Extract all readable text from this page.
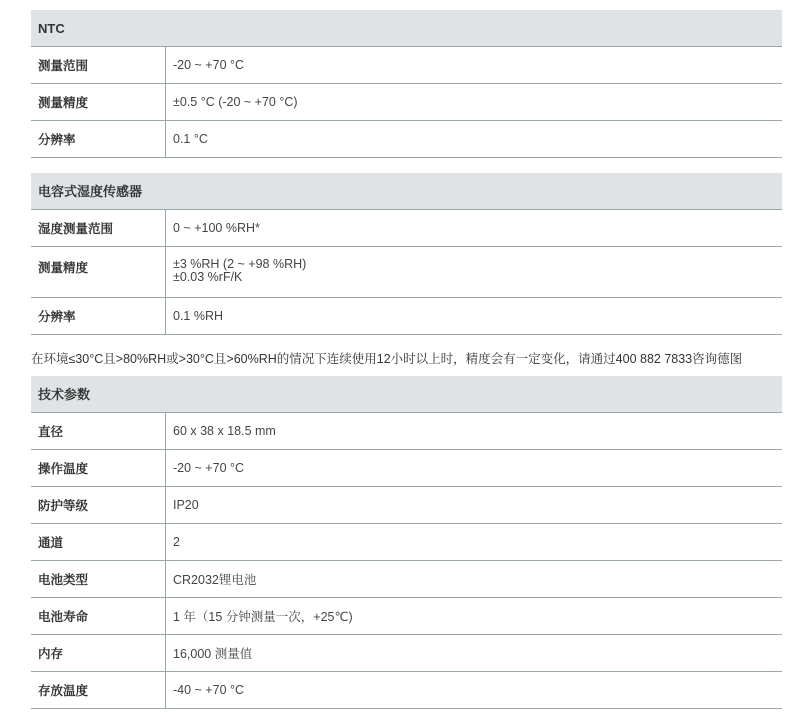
NTC
测量范围	-20 ~ +70 °C
测量精度	±0.5 °C (-20 ~ +70 °C)
分辨率	0.1 °C
电容式湿度传感器
湿度测量范围	0 ~ +100 %RH*
测量精度	±3 %RH (2 ~ +98 %RH)
±0.03 %rF/K
分辨率	0.1 %RH
在环境≤30°C且>80%RH或>30°C且>60%RH的情况下连续使用12小时以上时，精度会有一定变化，请通过400 882 7833咨询德图
技术参数
直径	60 x 38 x 18.5 mm
操作温度	-20 ~ +70 °C
防护等级	IP20
通道	2
电池类型	CR2032锂电池
电池寿命	1 年（15 分钟测量一次，+25℃)
内存	16,000 测量值
存放温度	-40 ~ +70 °C
